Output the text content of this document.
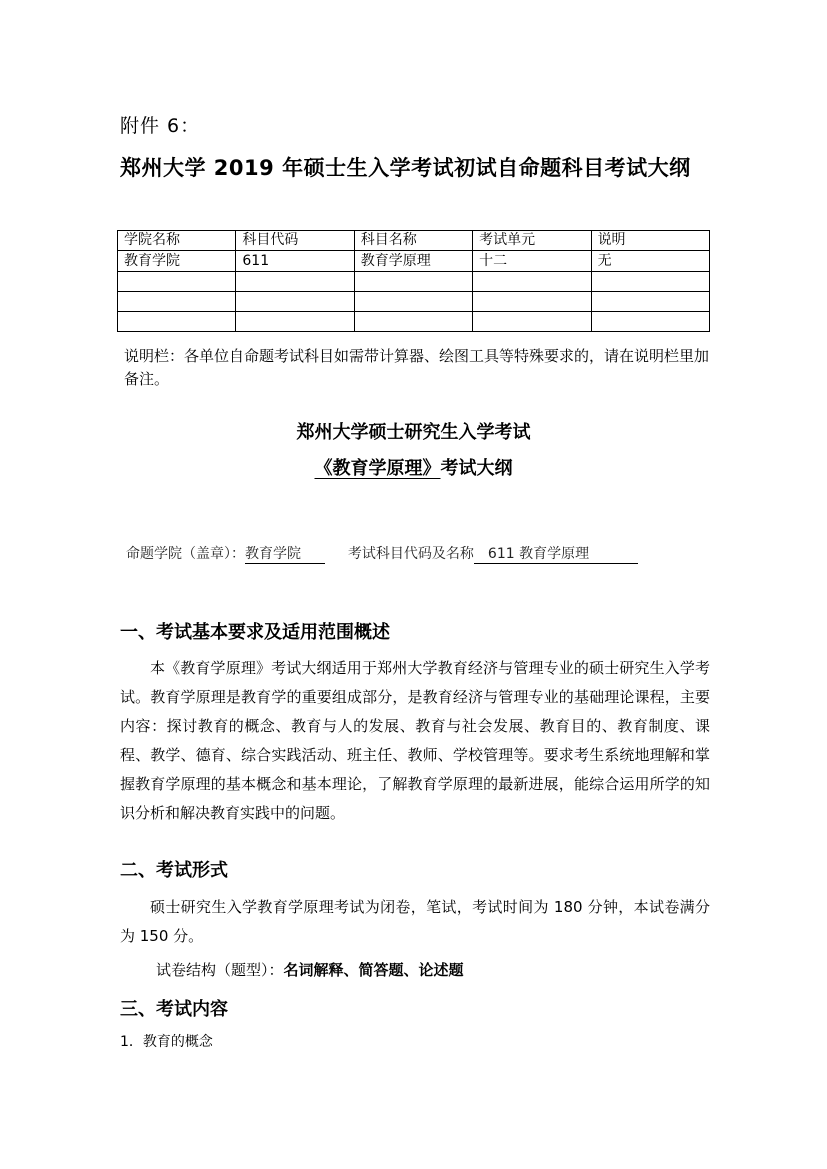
附件 6：
郑州大学 2019 年硕士生入学考试初试自命题科目考试大纲
学院名称	科目代码	科目名称	考试单元	说明
教育学院	611	教育学原理	十二	无

说明栏：各单位自命题考试科目如需带计算器、绘图工具等特殊要求的，请在说明栏里加备注。
郑州大学硕士研究生入学考试
《教育学原理》考试大纲
命题学院（盖章）：教育学院	考试科目代码及名称 611 教育学原理
一、考试基本要求及适用范围概述

本《教育学原理》考试大纲适用于郑州大学教育经济与管理专业的硕士研究生入学考试。教育学原理是教育学的重要组成部分，是教育经济与管理专业的基础理论课程，主要内容：探讨教育的概念、教育与人的发展、教育与社会发展、教育目的、教育制度、课程、教学、德育、综合实践活动、班主任、教师、学校管理等。要求考生系统地理解和掌握教育学原理的基本概念和基本理论，了解教育学原理的最新进展，能综合运用所学的知识分析和解决教育实践中的问题。

二、考试形式

硕士研究生入学教育学原理考试为闭卷，笔试，考试时间为 180 分钟，本试卷满分为 150 分。

试卷结构（题型）：名词解释、简答题、论述题
三、考试内容
1．教育的概念
